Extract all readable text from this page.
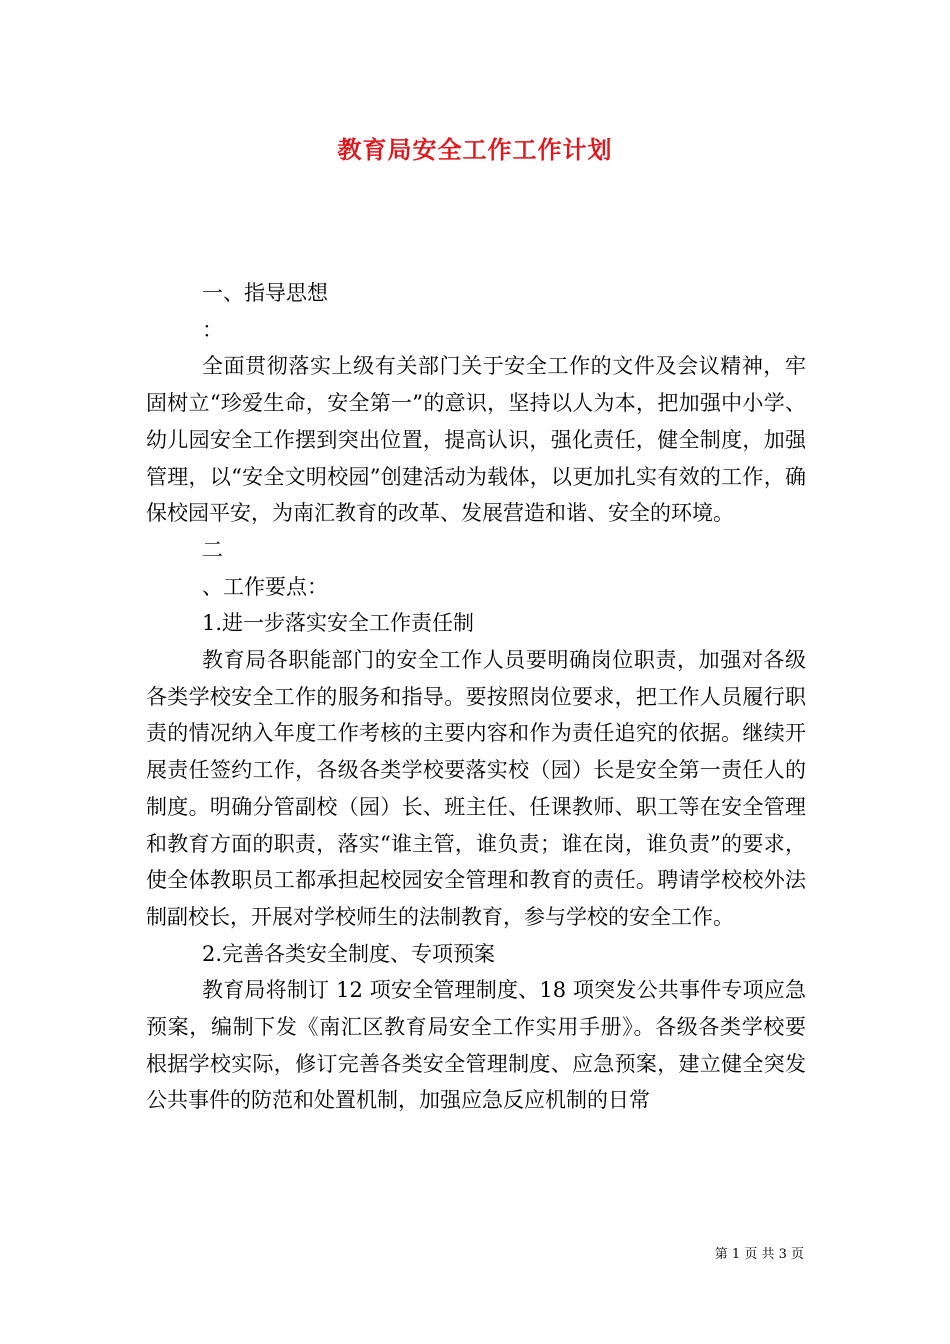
教育局安全工作工作计划

一、指导思想

：

全面贯彻落实上级有关部门关于安全工作的文件及会议精神，牢固树立“珍爱生命，安全第一”的意识，坚持以人为本，把加强中小学、幼儿园安全工作摆到突出位置，提高认识，强化责任，健全制度，加强管理，以“安全文明校园”创建活动为载体，以更加扎实有效的工作，确保校园平安，为南汇教育的改革、发展营造和谐、安全的环境。

二

、工作要点：

1.进一步落实安全工作责任制

教育局各职能部门的安全工作人员要明确岗位职责，加强对各级各类学校安全工作的服务和指导。要按照岗位要求，把工作人员履行职责的情况纳入年度工作考核的主要内容和作为责任追究的依据。继续开展责任签约工作，各级各类学校要落实校（园）长是安全第一责任人的制度。明确分管副校（园）长、班主任、任课教师、职工等在安全管理和教育方面的职责，落实“谁主管，谁负责；谁在岗，谁负责”的要求，使全体教职员工都承担起校园安全管理和教育的责任。聘请学校校外法制副校长，开展对学校师生的法制教育，参与学校的安全工作。

2.完善各类安全制度、专项预案

教育局将制订 12 项安全管理制度、18 项突发公共事件专项应急预案，编制下发《南汇区教育局安全工作实用手册》。各级各类学校要根据学校实际，修订完善各类安全管理制度、应急预案，建立健全突发公共事件的防范和处置机制，加强应急反应机制的日常

第 1 页 共 3 页
